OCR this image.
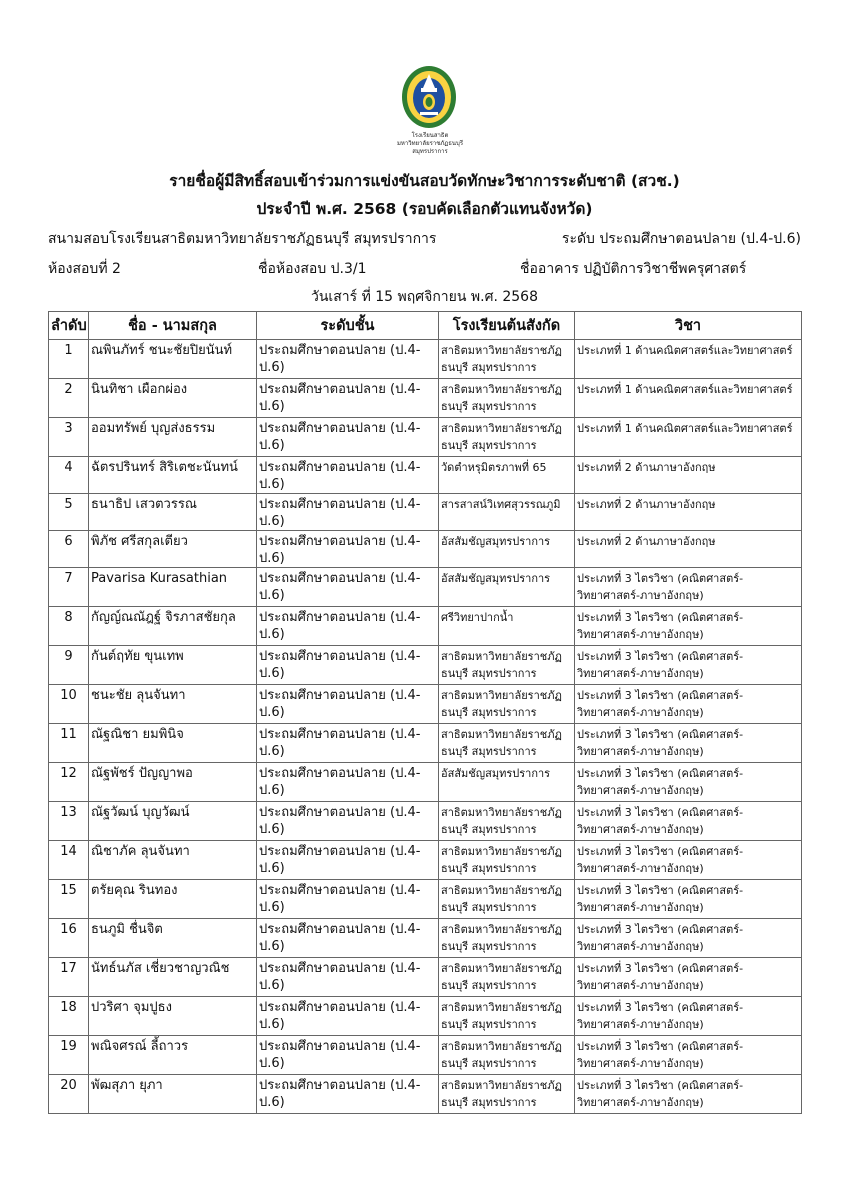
โรงเรียนสาธิต
มหาวิทยาลัยราชภัฏธนบุรี
สมุทรปราการ
รายชื่อผู้มีสิทธิ์สอบเข้าร่วมการแข่งขันสอบวัดทักษะวิชาการระดับชาติ (สวช.)
ประจำปี พ.ศ. 2568 (รอบคัดเลือกตัวแทนจังหวัด)
สนามสอบโรงเรียนสาธิตมหาวิทยาลัยราชภัฏธนบุรี สมุทรปราการ	ระดับ ประถมศึกษาตอนปลาย (ป.4-ป.6)
ห้องสอบที่ 2	ชื่อห้องสอบ ป.3/1	ชื่ออาคาร ปฏิบัติการวิชาชีพครุศาสตร์
วันเสาร์ ที่ 15 พฤศจิกายน พ.ศ. 2568
ลำดับ	ชื่อ - นามสกุล	ระดับชั้น	โรงเรียนต้นสังกัด	วิชา
1	ณพินภัทร์ ชนะชัยปิยนันท์	ประถมศึกษาตอนปลาย (ป.4-ป.6)	สาธิตมหาวิทยาลัยราชภัฏธนบุรี สมุทรปราการ	ประเภทที่ 1 ด้านคณิตศาสตร์และวิทยาศาสตร์
2	นินทิชา เผือกผ่อง	ประถมศึกษาตอนปลาย (ป.4-ป.6)	สาธิตมหาวิทยาลัยราชภัฏธนบุรี สมุทรปราการ	ประเภทที่ 1 ด้านคณิตศาสตร์และวิทยาศาสตร์
3	ออมทรัพย์ บุญส่งธรรม	ประถมศึกษาตอนปลาย (ป.4-ป.6)	สาธิตมหาวิทยาลัยราชภัฏธนบุรี สมุทรปราการ	ประเภทที่ 1 ด้านคณิตศาสตร์และวิทยาศาสตร์
4	ฉัตรปรินทร์ สิริเตชะนันทน์	ประถมศึกษาตอนปลาย (ป.4-ป.6)	วัดตำหรุมิตรภาพที่ 65	ประเภทที่ 2 ด้านภาษาอังกฤษ
5	ธนาธิป เสวตวรรณ	ประถมศึกษาตอนปลาย (ป.4-ป.6)	สารสาสน์วิเทศสุวรรณภูมิ	ประเภทที่ 2 ด้านภาษาอังกฤษ
6	พิภัช ศรีสกุลเตียว	ประถมศึกษาตอนปลาย (ป.4-ป.6)	อัสสัมชัญสมุทรปราการ	ประเภทที่ 2 ด้านภาษาอังกฤษ
7	Pavarisa Kurasathian	ประถมศึกษาตอนปลาย (ป.4-ป.6)	อัสสัมชัญสมุทรปราการ	ประเภทที่ 3 ไตรวิชา (คณิตศาสตร์-วิทยาศาสตร์-ภาษาอังกฤษ)
8	กัญญ์ณณัฎฐ์ จิรภาสชัยกุล	ประถมศึกษาตอนปลาย (ป.4-ป.6)	ศรีวิทยาปากน้ำ	ประเภทที่ 3 ไตรวิชา (คณิตศาสตร์-วิทยาศาสตร์-ภาษาอังกฤษ)
9	กันต์ฤทัย ขุนเทพ	ประถมศึกษาตอนปลาย (ป.4-ป.6)	สาธิตมหาวิทยาลัยราชภัฏธนบุรี สมุทรปราการ	ประเภทที่ 3 ไตรวิชา (คณิตศาสตร์-วิทยาศาสตร์-ภาษาอังกฤษ)
10	ชนะชัย ลุนจันทา	ประถมศึกษาตอนปลาย (ป.4-ป.6)	สาธิตมหาวิทยาลัยราชภัฏธนบุรี สมุทรปราการ	ประเภทที่ 3 ไตรวิชา (คณิตศาสตร์-วิทยาศาสตร์-ภาษาอังกฤษ)
11	ณัฐณิชา ยมพินิจ	ประถมศึกษาตอนปลาย (ป.4-ป.6)	สาธิตมหาวิทยาลัยราชภัฏธนบุรี สมุทรปราการ	ประเภทที่ 3 ไตรวิชา (คณิตศาสตร์-วิทยาศาสตร์-ภาษาอังกฤษ)
12	ณัฐพัชร์ ปัญญาพอ	ประถมศึกษาตอนปลาย (ป.4-ป.6)	อัสสัมชัญสมุทรปราการ	ประเภทที่ 3 ไตรวิชา (คณิตศาสตร์-วิทยาศาสตร์-ภาษาอังกฤษ)
13	ณัฐวัฒน์ บุญวัฒน์	ประถมศึกษาตอนปลาย (ป.4-ป.6)	สาธิตมหาวิทยาลัยราชภัฏธนบุรี สมุทรปราการ	ประเภทที่ 3 ไตรวิชา (คณิตศาสตร์-วิทยาศาสตร์-ภาษาอังกฤษ)
14	ณิชาภัค ลุนจันทา	ประถมศึกษาตอนปลาย (ป.4-ป.6)	สาธิตมหาวิทยาลัยราชภัฏธนบุรี สมุทรปราการ	ประเภทที่ 3 ไตรวิชา (คณิตศาสตร์-วิทยาศาสตร์-ภาษาอังกฤษ)
15	ตรัยคุณ รินทอง	ประถมศึกษาตอนปลาย (ป.4-ป.6)	สาธิตมหาวิทยาลัยราชภัฏธนบุรี สมุทรปราการ	ประเภทที่ 3 ไตรวิชา (คณิตศาสตร์-วิทยาศาสตร์-ภาษาอังกฤษ)
16	ธนภูมิ ชื่นจิต	ประถมศึกษาตอนปลาย (ป.4-ป.6)	สาธิตมหาวิทยาลัยราชภัฏธนบุรี สมุทรปราการ	ประเภทที่ 3 ไตรวิชา (คณิตศาสตร์-วิทยาศาสตร์-ภาษาอังกฤษ)
17	นัทธ์นภัส เชี่ยวชาญวณิช	ประถมศึกษาตอนปลาย (ป.4-ป.6)	สาธิตมหาวิทยาลัยราชภัฏธนบุรี สมุทรปราการ	ประเภทที่ 3 ไตรวิชา (คณิตศาสตร์-วิทยาศาสตร์-ภาษาอังกฤษ)
18	ปวริศา จุมปูธง	ประถมศึกษาตอนปลาย (ป.4-ป.6)	สาธิตมหาวิทยาลัยราชภัฏธนบุรี สมุทรปราการ	ประเภทที่ 3 ไตรวิชา (คณิตศาสตร์-วิทยาศาสตร์-ภาษาอังกฤษ)
19	พณิจศรณ์ ลี้ถาวร	ประถมศึกษาตอนปลาย (ป.4-ป.6)	สาธิตมหาวิทยาลัยราชภัฏธนบุรี สมุทรปราการ	ประเภทที่ 3 ไตรวิชา (คณิตศาสตร์-วิทยาศาสตร์-ภาษาอังกฤษ)
20	พัฒสุภา ยุภา	ประถมศึกษาตอนปลาย (ป.4-ป.6)	สาธิตมหาวิทยาลัยราชภัฏธนบุรี สมุทรปราการ	ประเภทที่ 3 ไตรวิชา (คณิตศาสตร์-วิทยาศาสตร์-ภาษาอังกฤษ)
